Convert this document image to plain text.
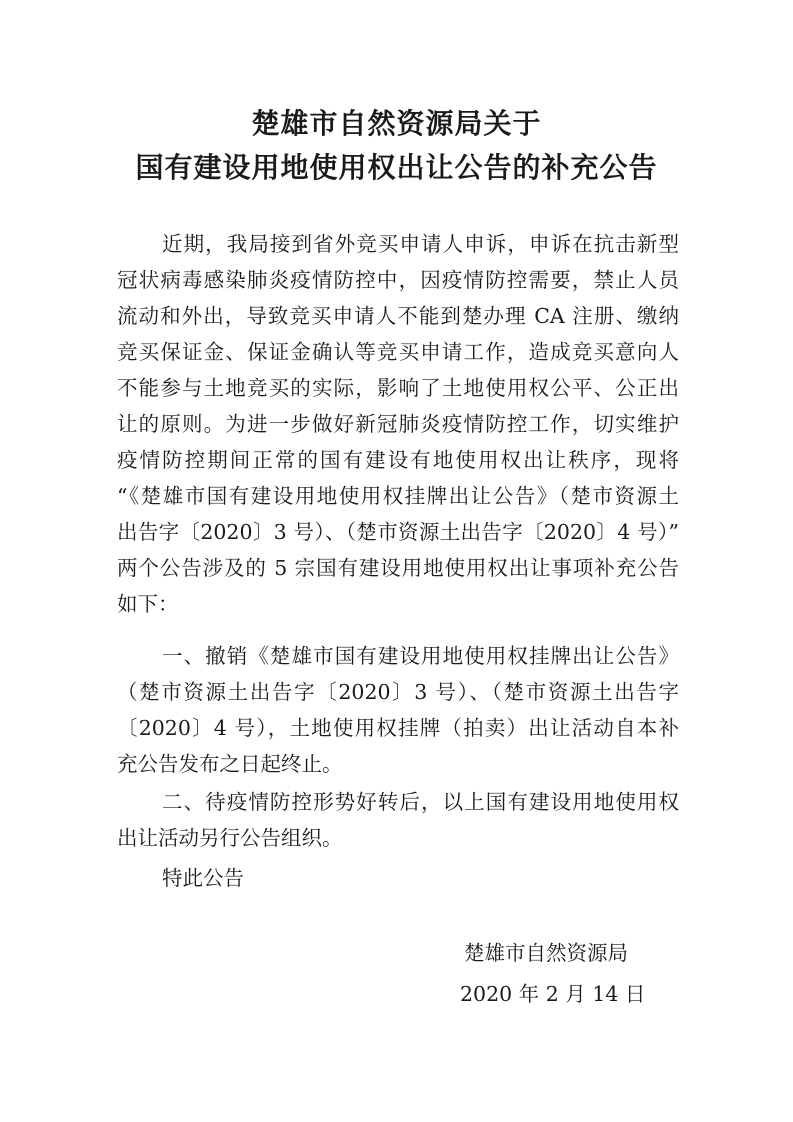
楚雄市自然资源局关于
国有建设用地使用权出让公告的补充公告
近期，我局接到省外竞买申请人申诉，申诉在抗击新型
冠状病毒感染肺炎疫情防控中，因疫情防控需要，禁止人员
流动和外出，导致竞买申请人不能到楚办理 CA 注册、缴纳
竞买保证金、保证金确认等竞买申请工作，造成竞买意向人
不能参与土地竞买的实际，影响了土地使用权公平、公正出
让的原则。为进一步做好新冠肺炎疫情防控工作，切实维护
疫情防控期间正常的国有建设有地使用权出让秩序，现将
“《楚雄市国有建设用地使用权挂牌出让公告》（楚市资源土
出告字〔2020〕3 号）、（楚市资源土出告字〔2020〕4 号）”
两个公告涉及的 5 宗国有建设用地使用权出让事项补充公告
如下：
一、撤销《楚雄市国有建设用地使用权挂牌出让公告》
（楚市资源土出告字〔2020〕3 号）、（楚市资源土出告字
〔2020〕4 号），土地使用权挂牌（拍卖）出让活动自本补
充公告发布之日起终止。
二、待疫情防控形势好转后，以上国有建设用地使用权
出让活动另行公告组织。
特此公告
楚雄市自然资源局
2020 年 2 月 14 日
